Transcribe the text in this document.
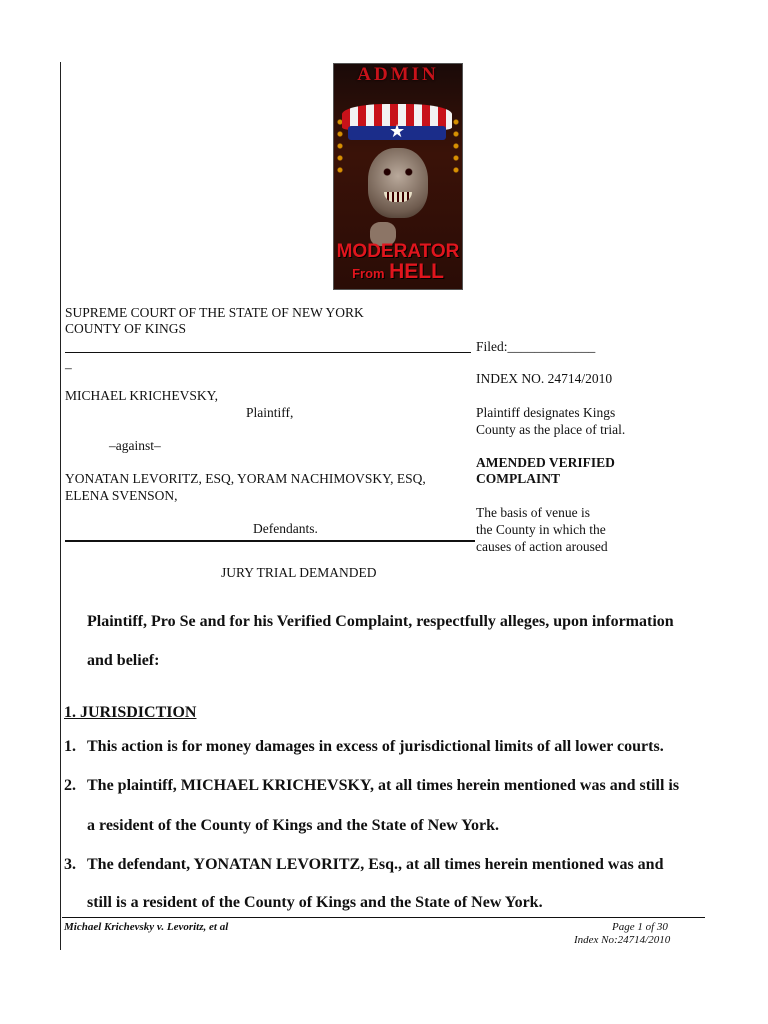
ADMIN
★
MODERATOR
From HELL
SUPREME COURT OF THE STATE OF NEW YORK
COUNTY OF KINGS
–
MICHAEL KRICHEVSKY,
Plaintiff,
–against–
YONATAN LEVORITZ, ESQ, YORAM NACHIMOVSKY, ESQ,
ELENA SVENSON,
Defendants.
JURY TRIAL DEMANDED
Filed:_____________
INDEX NO. 24714/2010
Plaintiff designates Kings
County as the place of trial.
AMENDED VERIFIED
COMPLAINT
The basis of venue is
the County in which the
causes of action aroused
Plaintiff, Pro Se and for his Verified Complaint, respectfully alleges, upon information
and belief:
1. JURISDICTION
1. This action is for money damages in excess of jurisdictional limits of all lower courts.
2. The plaintiff, MICHAEL KRICHEVSKY, at all times herein mentioned was and still is
a resident of the County of Kings and the State of New York.
3. The defendant, YONATAN LEVORITZ, Esq., at all times herein mentioned was and
still is a resident of the County of Kings and the State of New York.
Michael Krichevsky v. Levoritz, et al	Page 1 of 30
Index No:24714/2010
